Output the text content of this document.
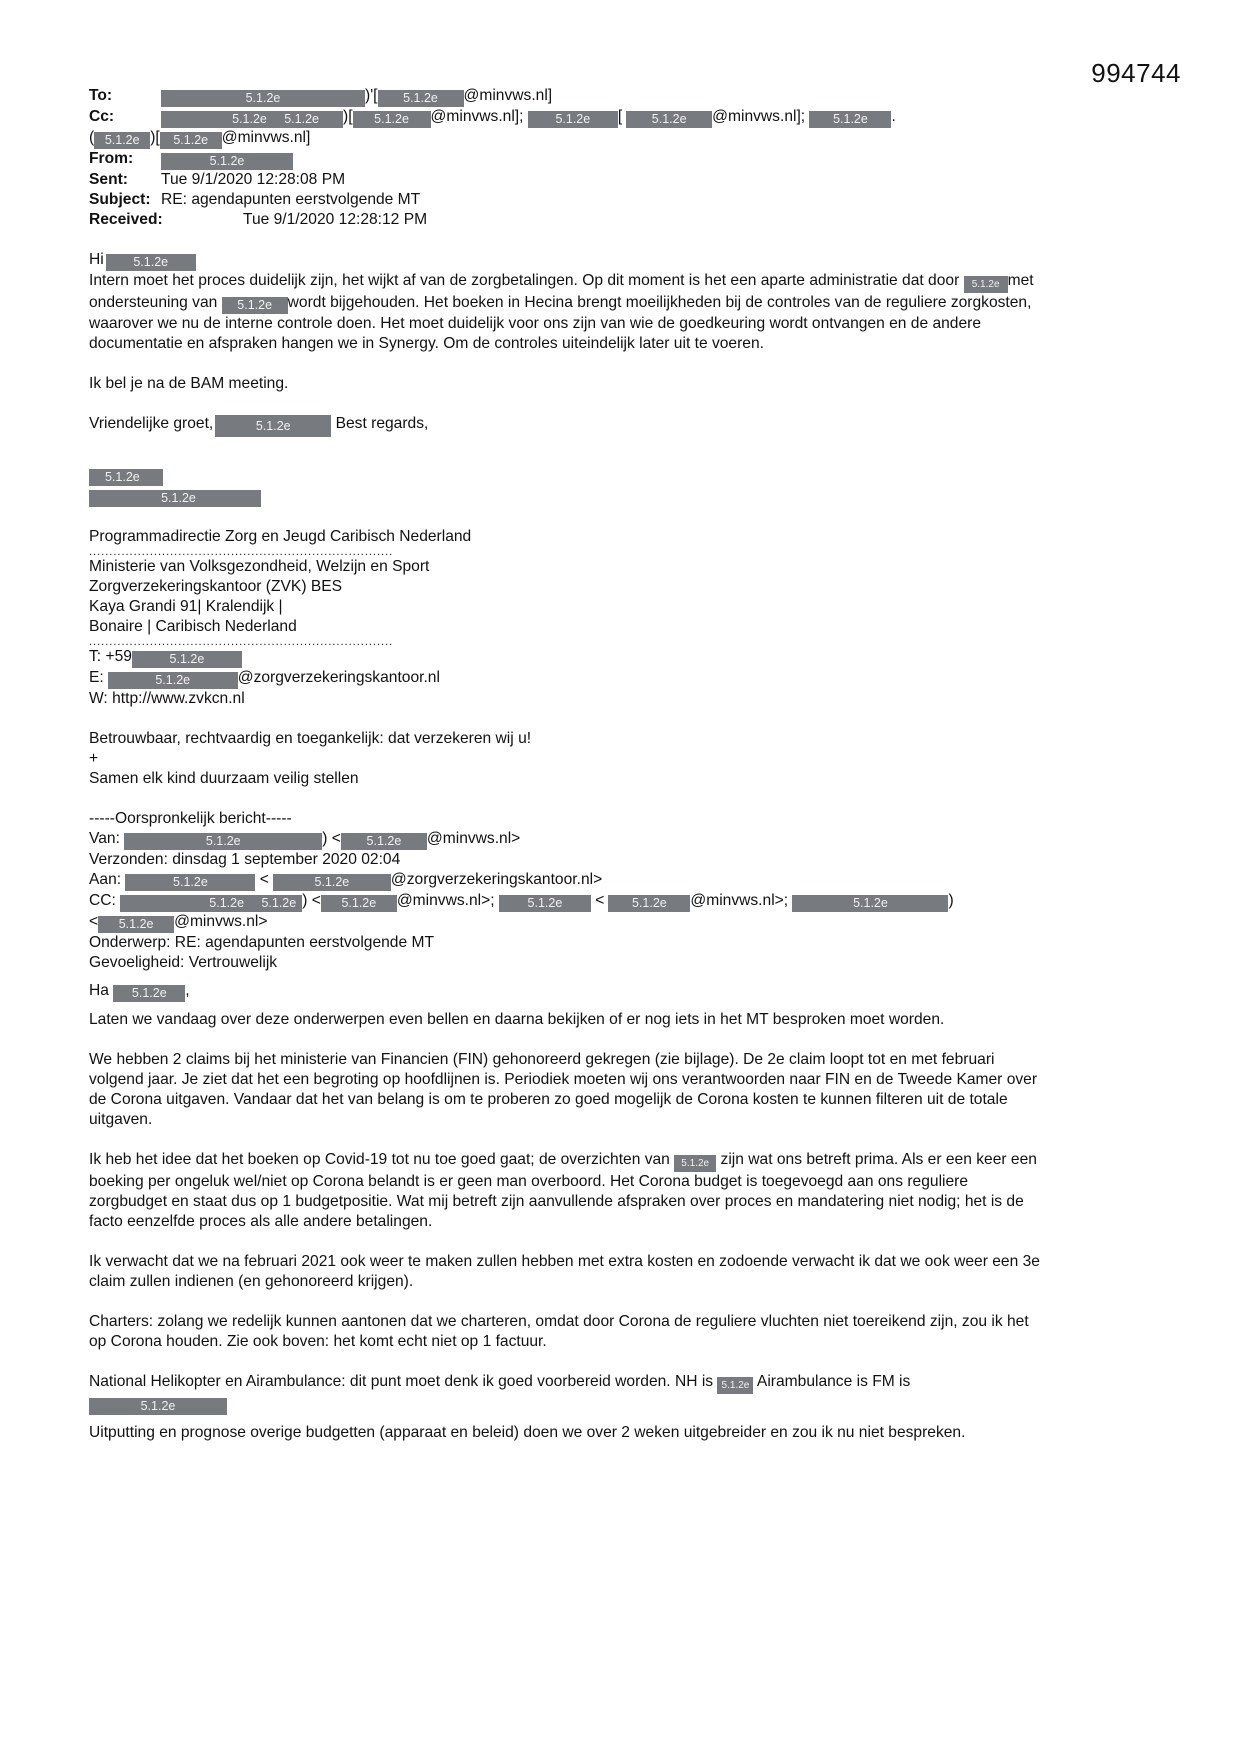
994744
To:	5.1.2e	)'[ 5.1.2e @minvws.nl]
Cc:	5.1.2e 5.1.2e )[ 5.1.2e @minvws.nl];	5.1.2e [ 5.1.2e @minvws.nl]; 5.1.2e .
( 5.1.2e )[ 5.1.2e @minvws.nl]
From:	5.1.2e
Sent: Tue 9/1/2020 12:28:08 PM
Subject: RE: agendapunten eerstvolgende MT
Received:	Tue 9/1/2020 12:28:12 PM
Hi 5.1.2e
Intern moet het proces duidelijk zijn, het wijkt af van de zorgbetalingen. Op dit moment is het een aparte administratie dat door 5.1.2e met
ondersteuning van 5.1.2e wordt bijgehouden. Het boeken in Hecina brengt moeilijkheden bij de controles van de reguliere zorgkosten,
waarover we nu de interne controle doen. Het moet duidelijk voor ons zijn van wie de goedkeuring wordt ontvangen en de andere
documentatie en afspraken hangen we in Synergy. Om de controles uiteindelijk later uit te voeren.
Ik bel je na de BAM meeting.
Vriendelijke groet,	5.1.2e	Best regards,
5.1.2e
5.1.2e
Programmadirectie Zorg en Jeugd Caribisch Nederland
...........................................................................
Ministerie van Volksgezondheid, Welzijn en Sport
Zorgverzekeringskantoor (ZVK) BES
Kaya Grandi 91| Kralendijk |
Bonaire | Caribisch Nederland
...........................................................................
T: +59	5.1.2e
E:	5.1.2e	@zorgverzekeringskantoor.nl
W: http://www.zvkcn.nl
Betrouwbaar, rechtvaardig en toegankelijk: dat verzekeren wij u!
+
Samen elk kind duurzaam veilig stellen
-----Oorspronkelijk bericht-----
Van:	5.1.2e	) < 5.1.2e @minvws.nl>
Verzonden: dinsdag 1 september 2020 02:04
Aan:	5.1.2e	<	5.1.2e	@zorgverzekeringskantoor.nl>
CC:	5.1.2e 5.1.2e ) < 5.1.2e @minvws.nl>;	5.1.2e < 5.1.2e @minvws.nl>;	5.1.2e	)
< 5.1.2e @minvws.nl>
Onderwerp: RE: agendapunten eerstvolgende MT
Gevoeligheid: Vertrouwelijk
Ha 5.1.2e ,
Laten we vandaag over deze onderwerpen even bellen en daarna bekijken of er nog iets in het MT besproken moet worden.
We hebben 2 claims bij het ministerie van Financien (FIN) gehonoreerd gekregen (zie bijlage). De 2e claim loopt tot en met februari
volgend jaar. Je ziet dat het een begroting op hoofdlijnen is. Periodiek moeten wij ons verantwoorden naar FIN en de Tweede Kamer over
de Corona uitgaven. Vandaar dat het van belang is om te proberen zo goed mogelijk de Corona kosten te kunnen filteren uit de totale
uitgaven.
Ik heb het idee dat het boeken op Covid-19 tot nu toe goed gaat; de overzichten van 5.1.2e zijn wat ons betreft prima. Als er een keer een
boeking per ongeluk wel/niet op Corona belandt is er geen man overboord. Het Corona budget is toegevoegd aan ons reguliere
zorgbudget en staat dus op 1 budgetpositie. Wat mij betreft zijn aanvullende afspraken over proces en mandatering niet nodig; het is de
facto eenzelfde proces als alle andere betalingen.
Ik verwacht dat we na februari 2021 ook weer te maken zullen hebben met extra kosten en zodoende verwacht ik dat we ook weer een 3e
claim zullen indienen (en gehonoreerd krijgen).
Charters: zolang we redelijk kunnen aantonen dat we charteren, omdat door Corona de reguliere vluchten niet toereikend zijn, zou ik het
op Corona houden. Zie ook boven: het komt echt niet op 1 factuur.
National Helikopter en Airambulance: dit punt moet denk ik goed voorbereid worden. NH is 5.1.2e Airambulance is FM is
5.1.2e
Uitputting en prognose overige budgetten (apparaat en beleid) doen we over 2 weken uitgebreider en zou ik nu niet bespreken.
